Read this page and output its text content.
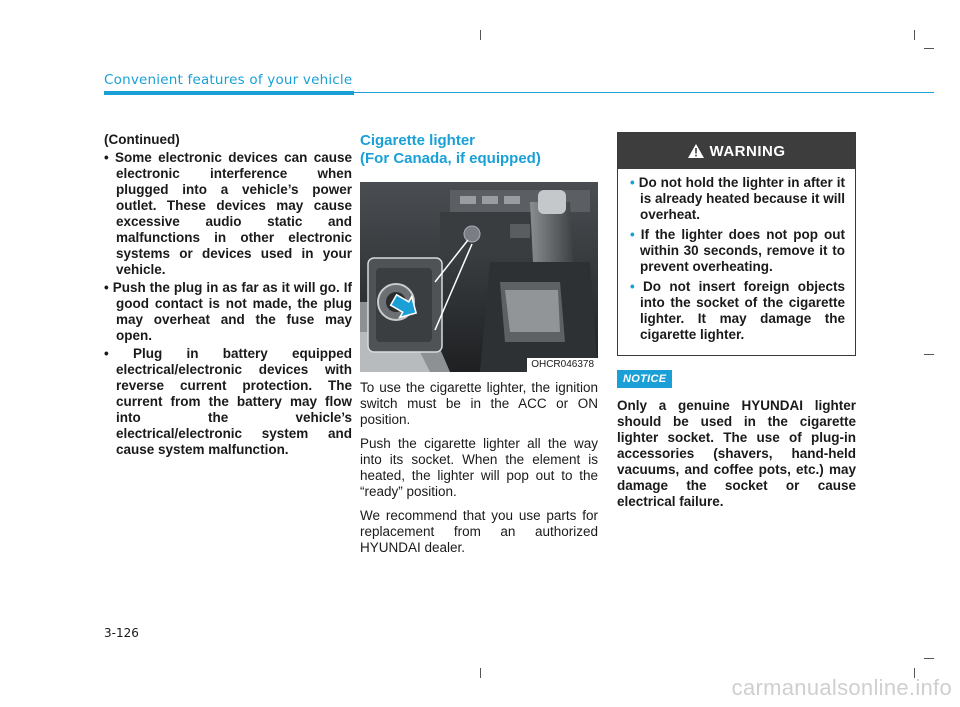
Convenient features of your vehicle
(Continued)

• Some electronic devices can cause electronic interference when plugged into a vehicle’s power outlet. These devices may cause excessive audio static and malfunctions in other electronic systems or devices used in your vehicle.

• Push the plug in as far as it will go. If good contact is not made, the plug may overheat and the fuse may open.

• Plug in battery equipped electrical/electronic devices with reverse current protection. The current from the battery may flow into the vehicle’s electrical/electronic system and cause system malfunction.

Cigarette lighter
(For Canada, if equipped)
OHCR046378

To use the cigarette lighter, the ignition switch must be in the ACC or ON position.

Push the cigarette lighter all the way into its socket. When the element is heated, the lighter will pop out to the “ready” position.

We recommend that you use parts for replacement from an authorized HYUNDAI dealer.

WARNING

• Do not hold the lighter in after it is already heated because it will overheat.

• If the lighter does not pop out within 30 seconds, remove it to prevent overheating.

• Do not insert foreign objects into the socket of the cigarette lighter. It may damage the cigarette lighter.

NOTICE

Only a genuine HYUNDAI lighter should be used in the cigarette lighter socket. The use of plug-in accessories (shavers, hand-held vacuums, and coffee pots, etc.) may damage the socket or cause electrical failure.

3-126
carmanualsonline.info
